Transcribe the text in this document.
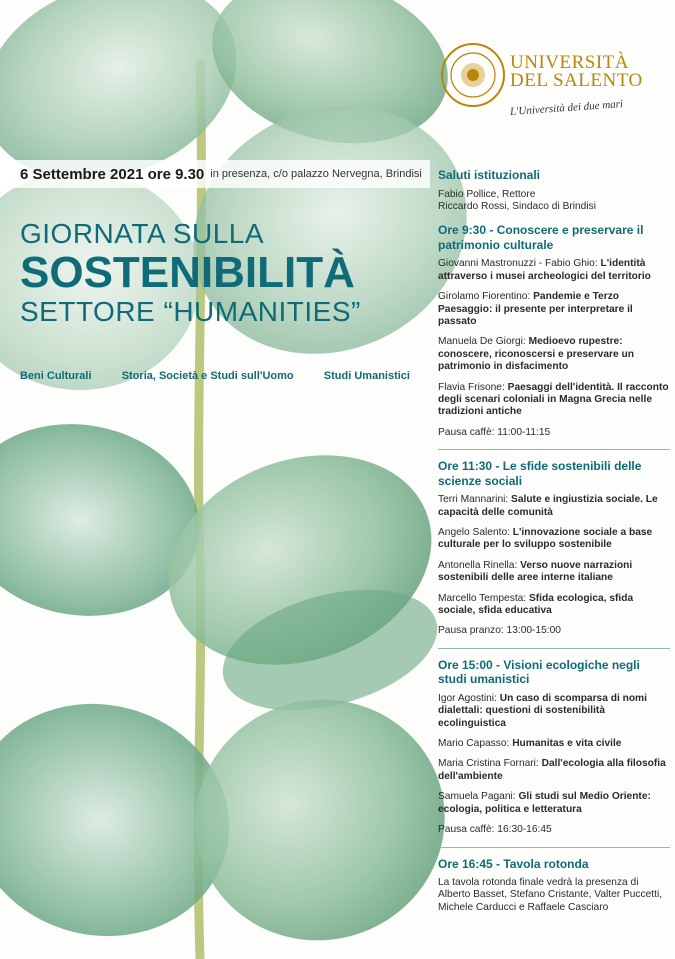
UNIVERSITÀ
DEL SALENTO
L'Università dei due mari
6 Settembre 2021 ore 9.30 in presenza, c/o palazzo Nervegna, Brindisi
GIORNATA SULLA
SOSTENIBILITÀ
SETTORE “HUMANITIES”
Beni Culturali	Storia, Società e Studi sull'Uomo	Studi Umanistici
Saluti istituzionali
Fabio Pollice, Rettore
Riccardo Rossi, Sindaco di Brindisi
Ore 9:30 - Conoscere e preservare il patrimonio culturale
Giovanni Mastronuzzi - Fabio Ghio: L'identità attraverso i musei archeologici del territorio
Girolamo Fiorentino: Pandemie e Terzo Paesaggio: il presente per interpretare il passato
Manuela De Giorgi: Medioevo rupestre: conoscere, riconoscersi e preservare un patrimonio in disfacimento
Flavia Frisone: Paesaggi dell'identità. Il racconto degli scenari coloniali in Magna Grecia nelle tradizioni antiche
Pausa caffè: 11:00-11:15
Ore 11:30 - Le sfide sostenibili delle scienze sociali
Terri Mannarini: Salute e ingiustizia sociale. Le capacità delle comunità
Angelo Salento: L'innovazione sociale a base culturale per lo sviluppo sostenibile
Antonella Rinella: Verso nuove narrazioni sostenibili delle aree interne italiane
Marcello Tempesta: Sfida ecologica, sfida sociale, sfida educativa
Pausa pranzo: 13:00-15:00
Ore 15:00 - Visioni ecologiche negli studi umanistici
Igor Agostini: Un caso di scomparsa di nomi dialettali: questioni di sostenibilità ecolinguistica
Mario Capasso: Humanitas e vita civile
Maria Cristina Fornari: Dall'ecologia alla filosofia dell'ambiente
Samuela Pagani: Gli studi sul Medio Oriente: ecologia, politica e letteratura
Pausa caffè: 16:30-16:45
Ore 16:45 - Tavola rotonda
La tavola rotonda finale vedrà la presenza di Alberto Basset, Stefano Cristante, Valter Puccetti, Michele Carducci e Raffaele Casciaro
